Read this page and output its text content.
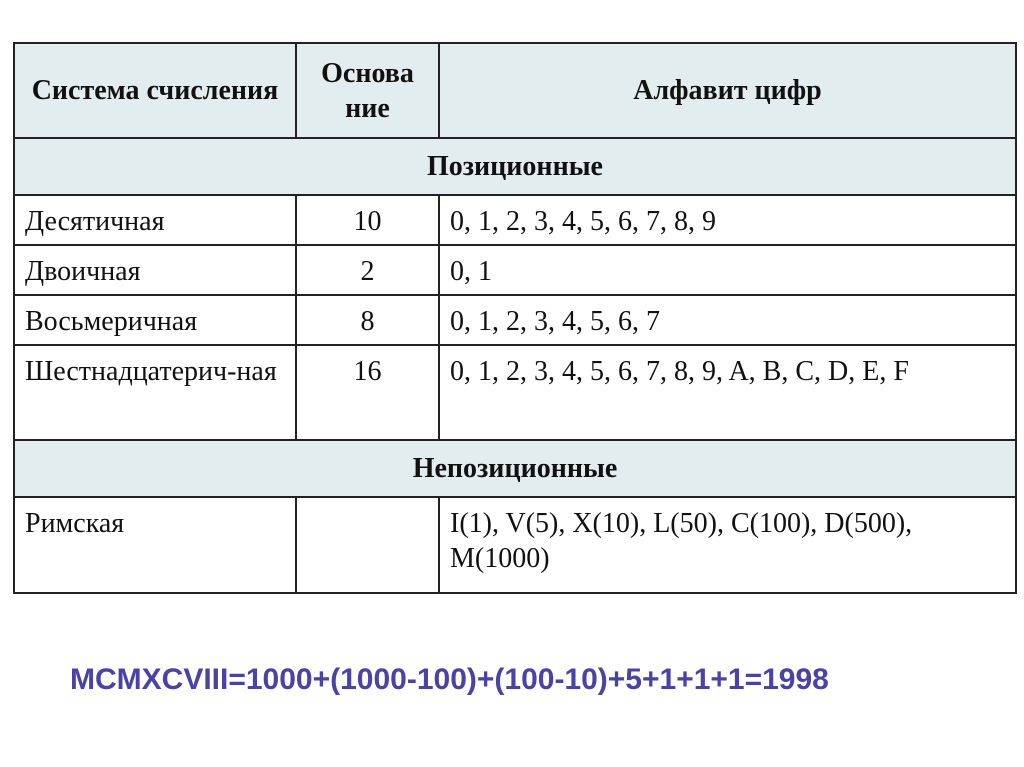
Система счисления	Основа ние	Алфавит цифр
Позиционные		
Десятичная	10	0, 1, 2, 3, 4, 5, 6, 7, 8, 9
Двоичная	2	0, 1
Восьмеричная	8	0, 1, 2, 3, 4, 5, 6, 7
Шестнадцатерич-ная	16	0, 1, 2, 3, 4, 5, 6, 7, 8, 9, A, B, C, D, E, F
Непозиционные		
Римская		I(1), V(5), X(10), L(50), C(100), D(500), M(1000)
MCMXCVIII=1000+(1000-100)+(100-10)+5+1+1+1=1998
